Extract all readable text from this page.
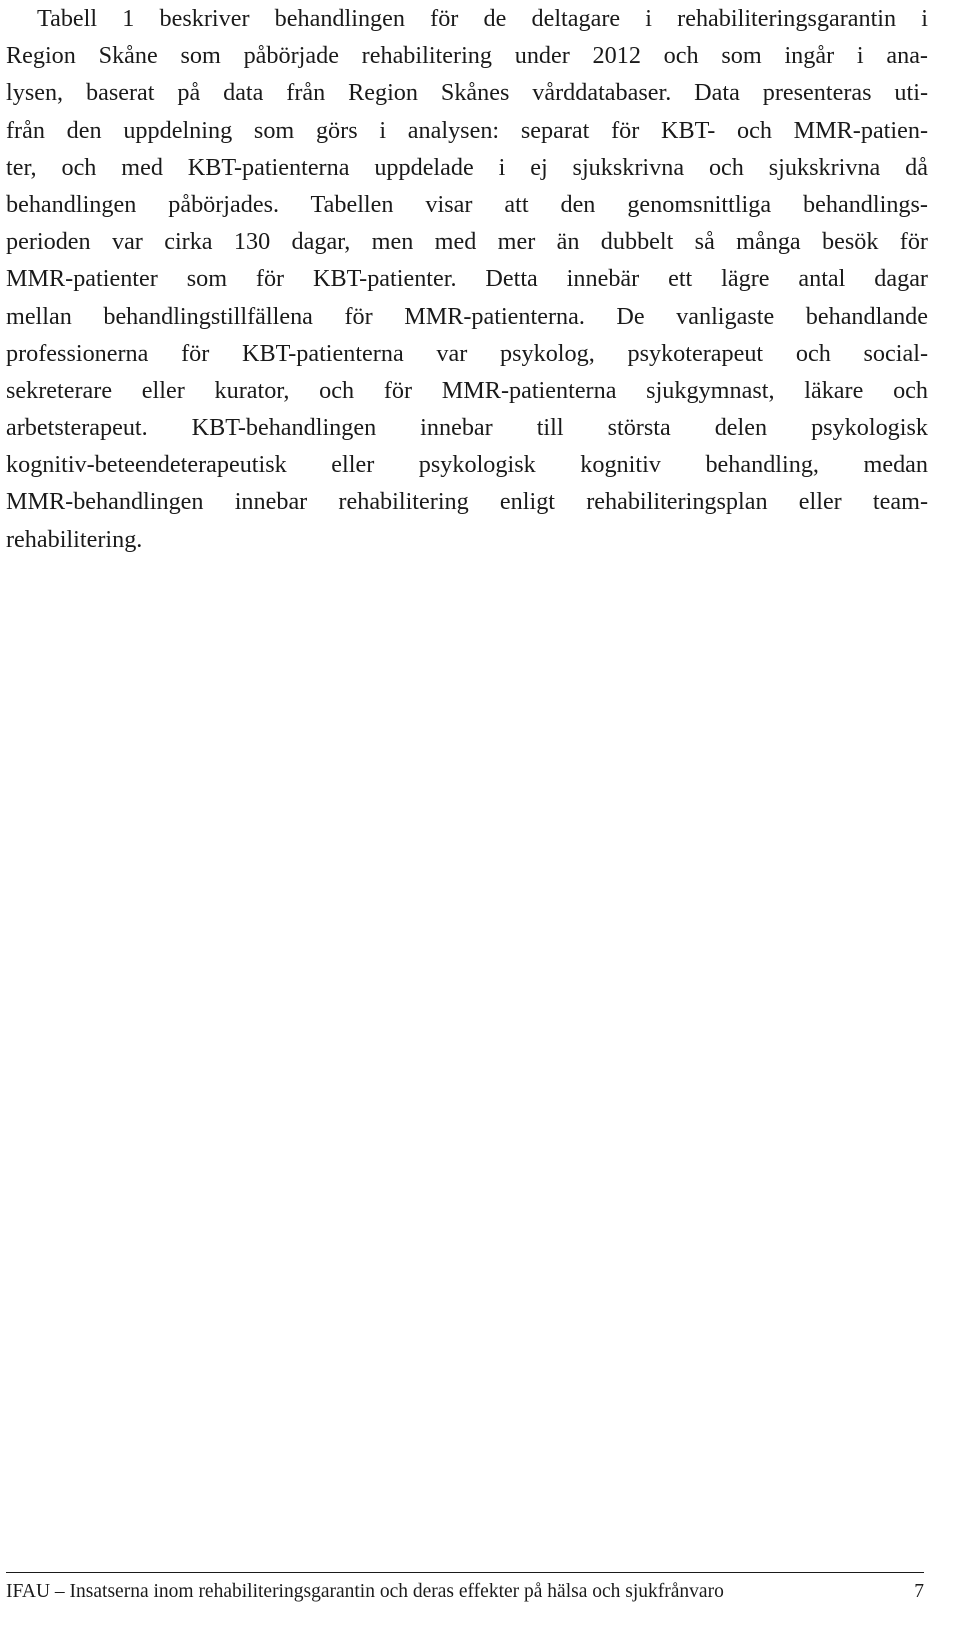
Tabell 1 beskriver behandlingen för de deltagare i rehabiliteringsgarantin i
Region Skåne som påbörjade rehabilitering under 2012 och som ingår i ana-
lysen, baserat på data från Region Skånes vårddatabaser. Data presenteras uti-
från den uppdelning som görs i analysen: separat för KBT- och MMR-patien-
ter, och med KBT-patienterna uppdelade i ej sjukskrivna och sjukskrivna då
behandlingen påbörjades. Tabellen visar att den genomsnittliga behandlings-
perioden var cirka 130 dagar, men med mer än dubbelt så många besök för
MMR-patienter som för KBT-patienter. Detta innebär ett lägre antal dagar
mellan behandlingstillfällena för MMR-patienterna. De vanligaste behandlande
professionerna för KBT-patienterna var psykolog, psykoterapeut och social-
sekreterare eller kurator, och för MMR-patienterna sjukgymnast, läkare och
arbetsterapeut. KBT-behandlingen innebar till största delen psykologisk
kognitiv-beteendeterapeutisk eller psykologisk kognitiv behandling, medan
MMR-behandlingen innebar rehabilitering enligt rehabiliteringsplan eller team-
rehabilitering.
IFAU – Insatserna inom rehabiliteringsgarantin och deras effekter på hälsa och sjukfrånvaro	7
